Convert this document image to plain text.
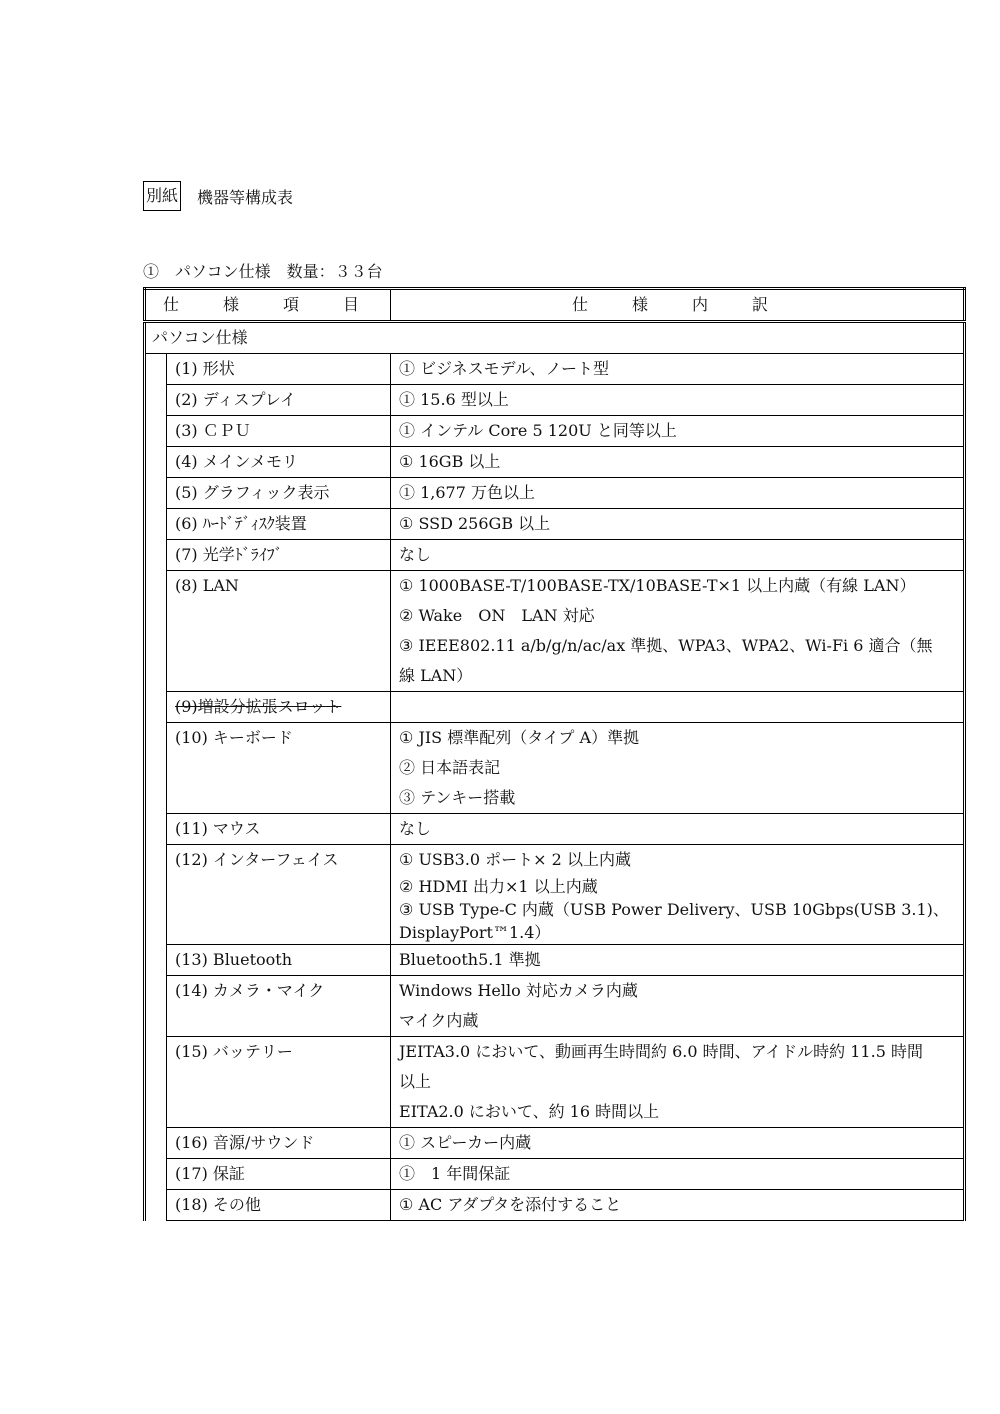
別紙 機器等構成表
①　パソコン仕様　数量：３３台
仕　様　項　目		仕　様　内　訳
パソコン仕様		
	(1) 形状	① ビジネスモデル、ノート型

	(2) ディスプレイ	① 15.6 型以上

	(3) ＣＰＵ	① インテル Core 5 120U と同等以上

	(4) メインメモリ	① 16GB 以上

	(5) グラフィック表示	① 1,677 万色以上

	(6) ﾊｰﾄﾞﾃﾞｨｽｸ装置	① SSD 256GB 以上

	(7) 光学ﾄﾞﾗｲﾌﾞ	なし

	(8) LAN	① 1000BASE-T/100BASE-TX/10BASE-T×1 以上内蔵（有線 LAN）
② Wake　ON　LAN 対応
③ IEEE802.11 a/b/g/n/ac/ax 準拠、WPA3、WPA2、Wi-Fi 6 適合（無
線 LAN）

	(9)増設分拡張スロット	
	(10) キーボード	① JIS 標準配列（タイプ A）準拠
② 日本語表記
③ テンキー搭載

	(11) マウス	なし

	(12) インターフェイス	① USB3.0 ポート× 2 以上内蔵
② HDMI 出力×1 以上内蔵
③ USB Type-C 内蔵（USB Power Delivery、USB 10Gbps(USB 3.1)、
DisplayPort™1.4）

	(13) Bluetooth	Bluetooth5.1 準拠

	(14) カメラ・マイク	Windows Hello 対応カメラ内蔵
マイク内蔵

	(15) バッテリー	JEITA3.0 において、動画再生時間約 6.0 時間、アイドル時約 11.5 時間
以上
EITA2.0 において、約 16 時間以上

	(16) 音源/サウンド	① スピーカー内蔵

	(17) 保証	①　1 年間保証

	(18) その他	① AC アダプタを添付すること
